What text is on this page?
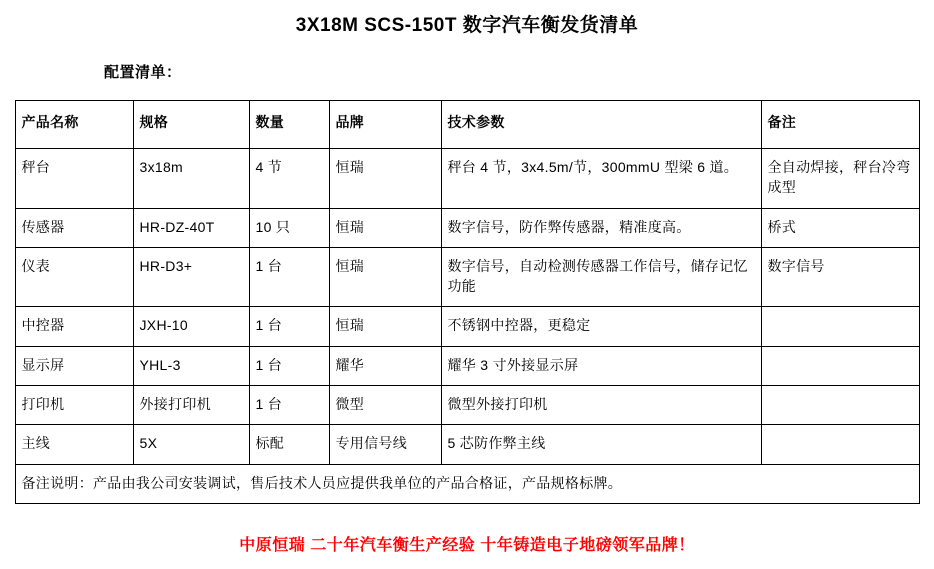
3X18M SCS-150T 数字汽车衡发货清单
配置清单：
产品名称	规格	数量	品牌	技术参数	备注
秤台	3x18m	4 节	恒瑞	秤台 4 节，3x4.5m/节，300mmU 型梁 6 道。	全自动焊接，秤台冷弯成型
传感器	HR-DZ-40T	10 只	恒瑞	数字信号，防作弊传感器，精准度高。	桥式
仪表	HR-D3+	1 台	恒瑞	数字信号，自动检测传感器工作信号，储存记忆功能	数字信号
中控器	JXH-10	1 台	恒瑞	不锈钢中控器，更稳定	
显示屏	YHL-3	1 台	耀华	耀华 3 寸外接显示屏	
打印机	外接打印机	1 台	微型	微型外接打印机	
主线	5X	标配	专用信号线	5 芯防作弊主线	
备注说明：产品由我公司安装调试，售后技术人员应提供我单位的产品合格证，产品规格标牌。					
中原恒瑞 二十年汽车衡生产经验 十年铸造电子地磅领军品牌！
